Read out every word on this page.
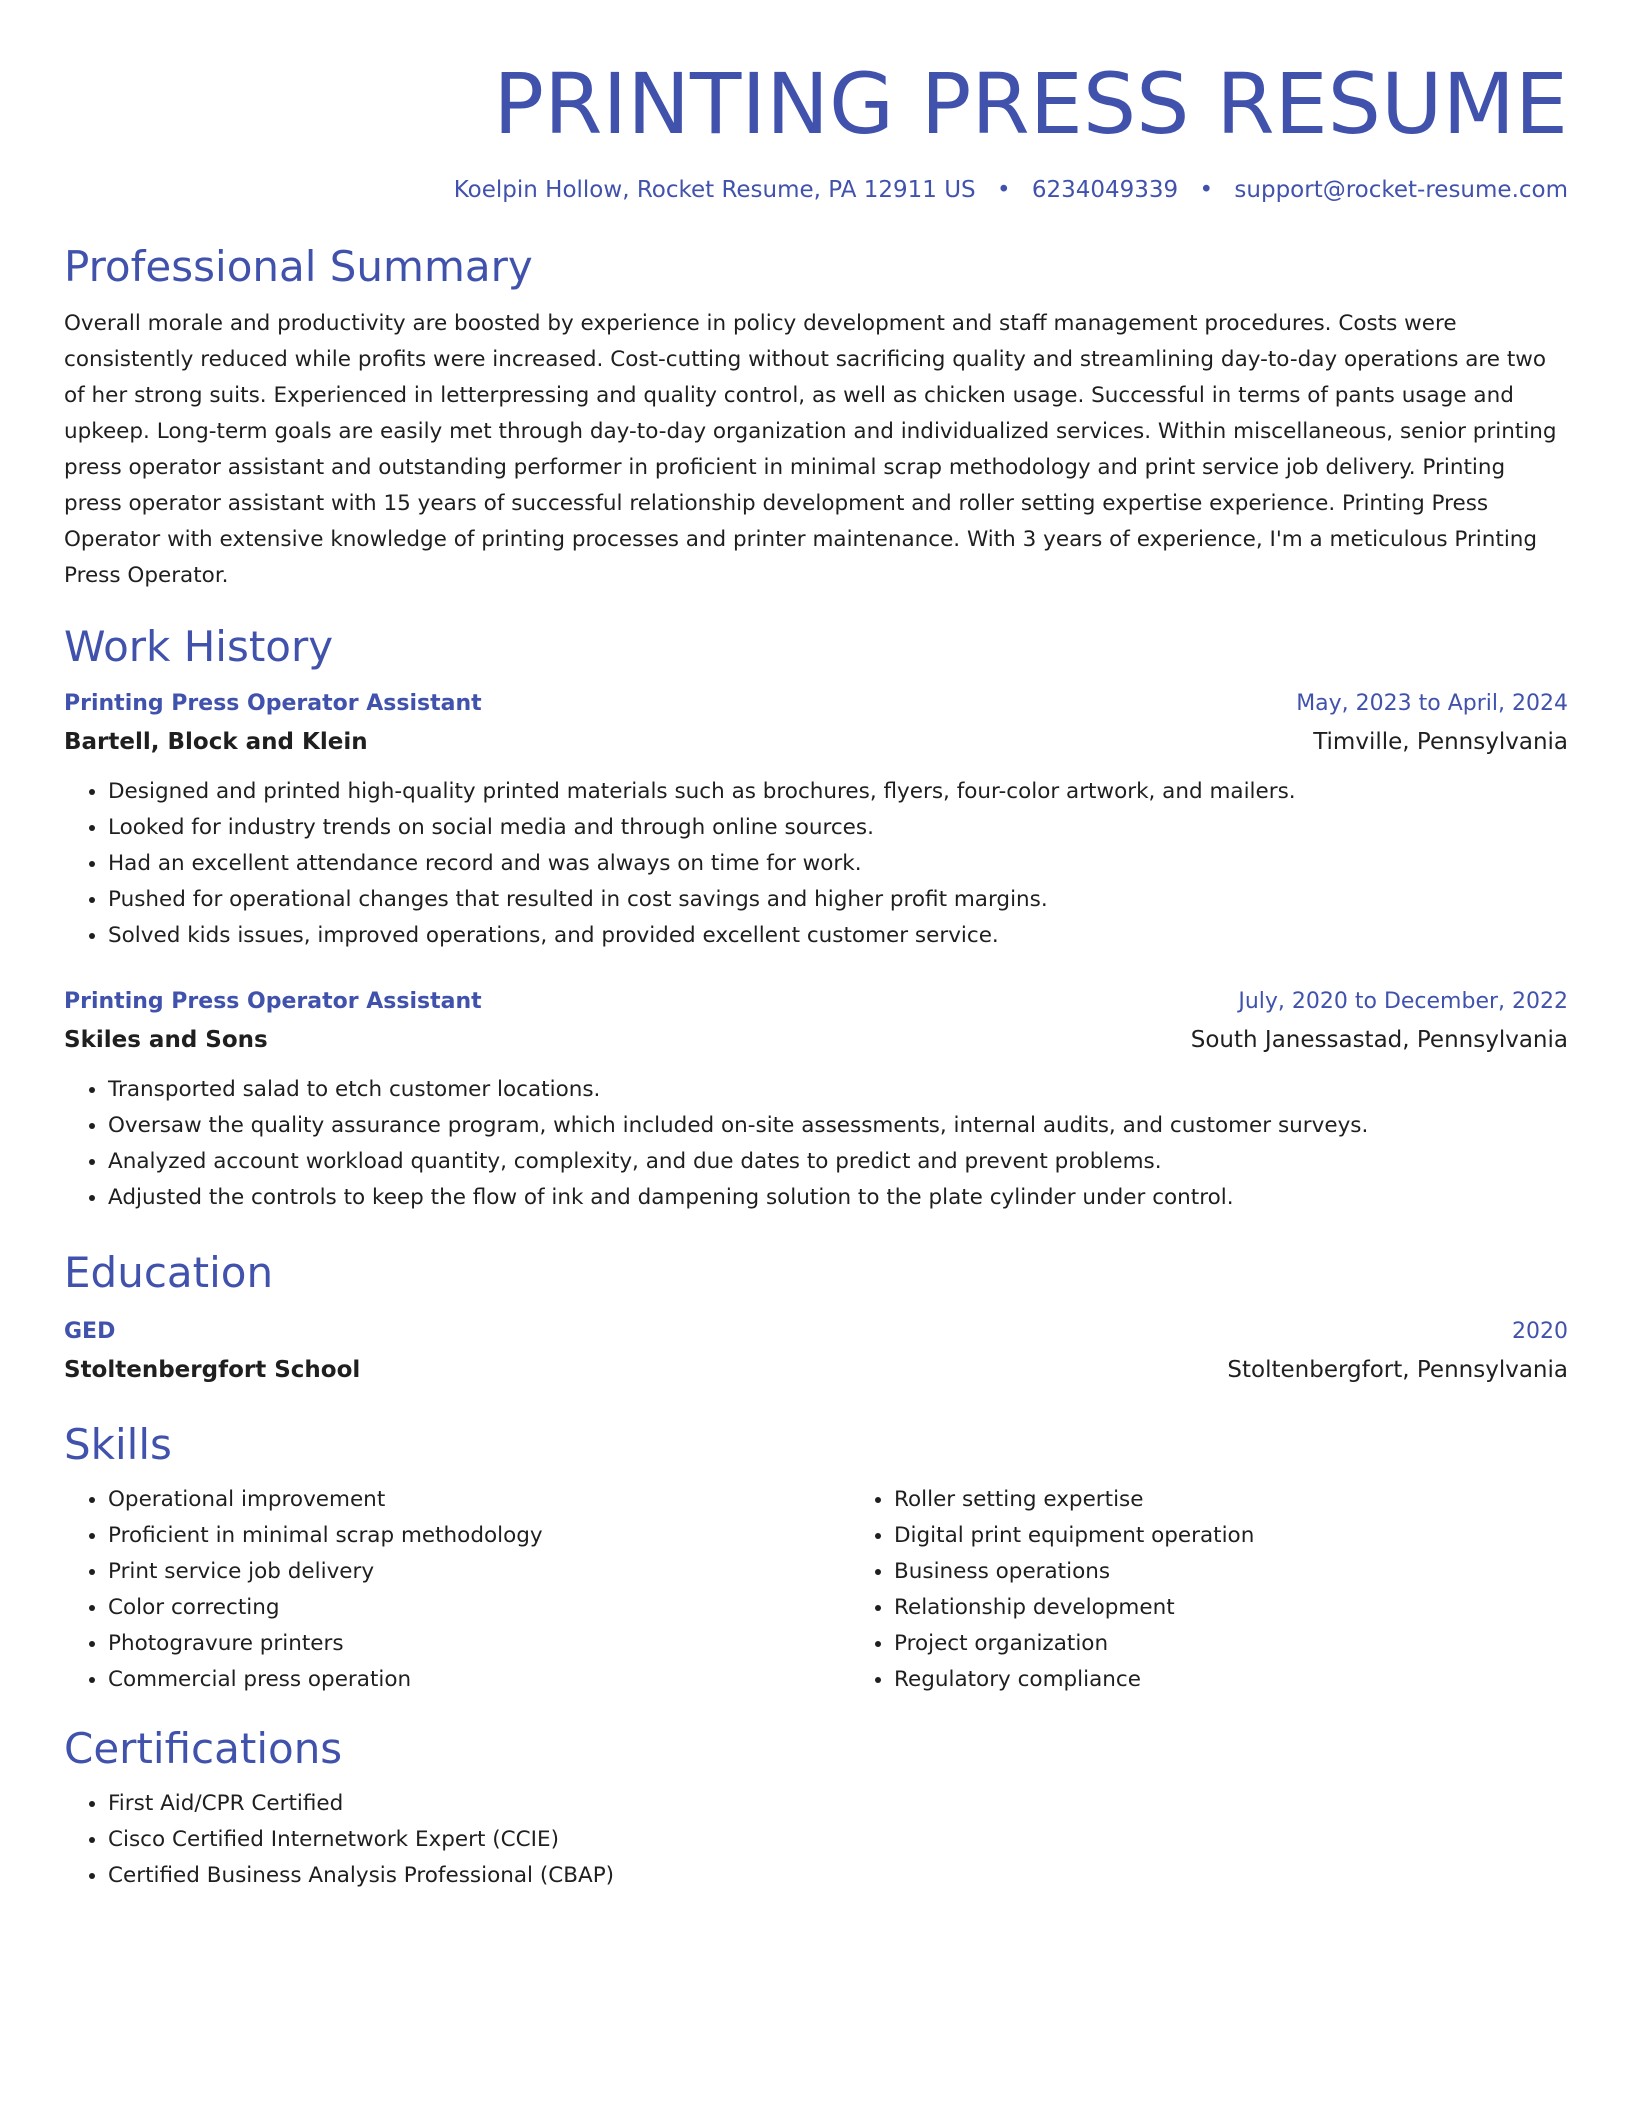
PRINTING PRESS RESUME
Koelpin Hollow, Rocket Resume, PA 12911 US • 6234049339 • support@rocket-resume.com
Professional Summary

Overall morale and productivity are boosted by experience in policy development and staff management procedures. Costs were consistently reduced while profits were increased. Cost-cutting without sacrificing quality and streamlining day-to-day operations are two of her strong suits. Experienced in letterpressing and quality control, as well as chicken usage. Successful in terms of pants usage and upkeep. Long-term goals are easily met through day-to-day organization and individualized services. Within miscellaneous, senior printing press operator assistant and outstanding performer in proficient in minimal scrap methodology and print service job delivery. Printing press operator assistant with 15 years of successful relationship development and roller setting expertise experience. Printing Press Operator with extensive knowledge of printing processes and printer maintenance. With 3 years of experience, I'm a meticulous Printing Press Operator.

Work History
Printing Press Operator Assistant	May, 2023 to April, 2024
Bartell, Block and Klein	Timville, Pennsylvania
• Designed and printed high-quality printed materials such as brochures, flyers, four-color artwork, and mailers.
• Looked for industry trends on social media and through online sources.
• Had an excellent attendance record and was always on time for work.
• Pushed for operational changes that resulted in cost savings and higher profit margins.
• Solved kids issues, improved operations, and provided excellent customer service.
Printing Press Operator Assistant	July, 2020 to December, 2022
Skiles and Sons	South Janessastad, Pennsylvania
• Transported salad to etch customer locations.
• Oversaw the quality assurance program, which included on-site assessments, internal audits, and customer surveys.
• Analyzed account workload quantity, complexity, and due dates to predict and prevent problems.
• Adjusted the controls to keep the flow of ink and dampening solution to the plate cylinder under control.
Education
GED	2020
Stoltenbergfort School	Stoltenbergfort, Pennsylvania
Skills
• Operational improvement
• Proficient in minimal scrap methodology
• Print service job delivery
• Color correcting
• Photogravure printers
• Commercial press operation
• Roller setting expertise
• Digital print equipment operation
• Business operations
• Relationship development
• Project organization
• Regulatory compliance
Certifications
• First Aid/CPR Certified
• Cisco Certified Internetwork Expert (CCIE)
• Certified Business Analysis Professional (CBAP)
